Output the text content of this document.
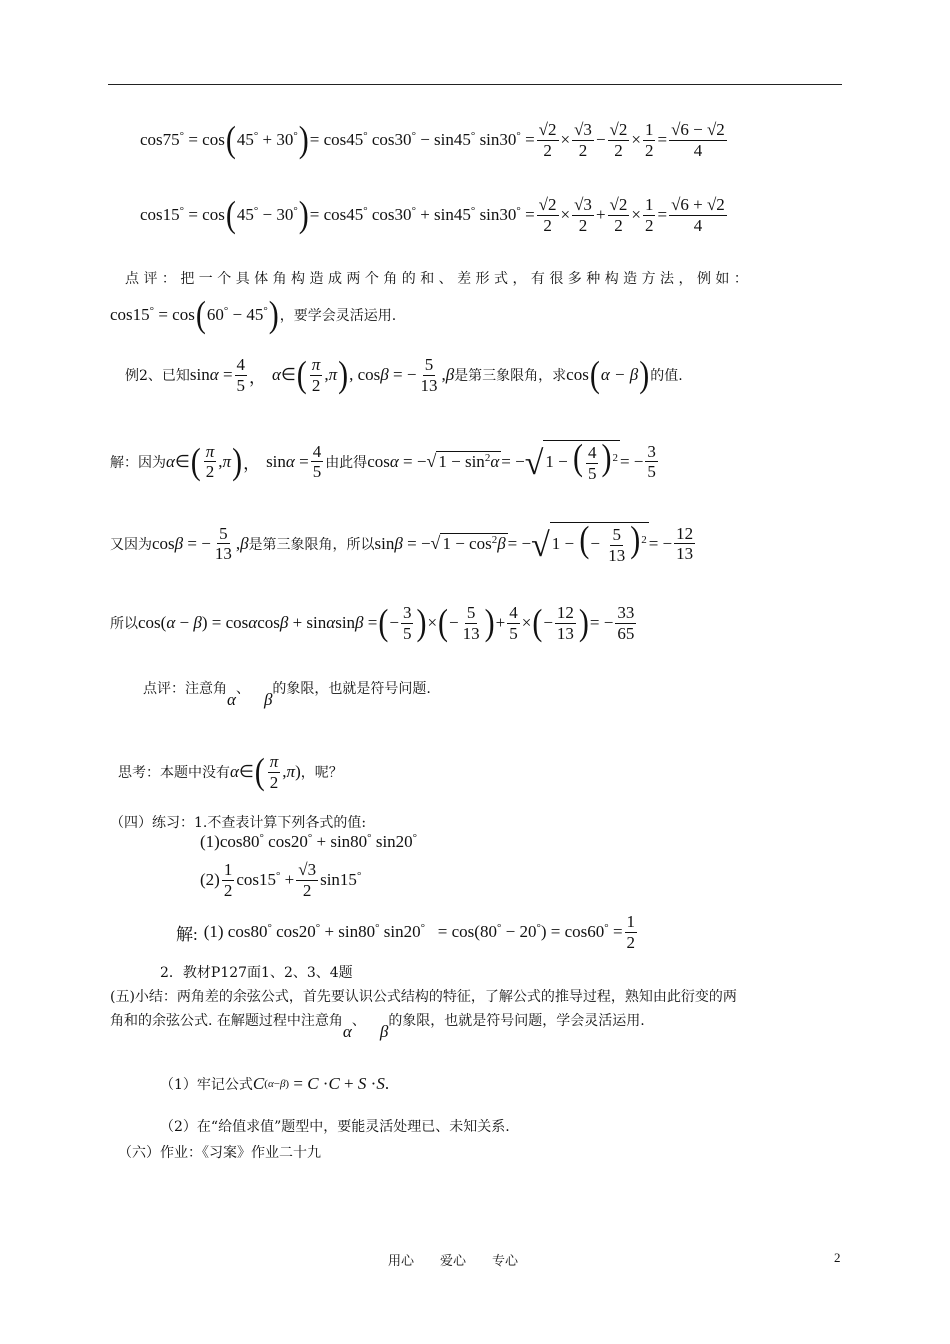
cos75° = cos ( 45° + 30° ) = cos45° cos30° − sin45° $\sin 30^\circ = \frac{√2}{2} \times \frac{√3}{2} - \frac{√2}{2} \times \frac{1}{2} = \frac{√6 - √2}{4}$
cos15° = cos ( 45° − 30° ) = cos45° cos30° + sin45° $\sin 30^\circ = \frac{√2}{2} \times \frac{√3}{2} + \frac{√2}{2} \times \frac{1}{2} = \frac{√6 + √2}{4}$
点 评 ： 把 一 个 具 体 角 构 造 成 两 个 角 的 和 、 差 形 式 ， 有 很 多 种 构 造 方 法 ， 例 如 ：
cos15° = cos ( 60° − 45° ) ，要学会灵活运用.
例2、已知 $\sin\alpha = \frac{4}{5}$ ， α ∈ ( $\frac{\pi}{2} ,\pi$ ) , cosβ = − $\frac{5}{13} ,\beta$ 是第三象限角，求 cos ( α − β ) 的值.
解：因为 α ∈ ( $\frac{\pi}{2} ,\pi$ ) ， $\sin\alpha = \frac{4}{5}$ 由此得 cosα = − √ $1 - \sin^2\alpha$ = − √ 1 − ( $\frac{4}{5} )^2$ = − $\frac{3}{5}$
又因为 cosβ = − $\frac{5}{13} ,\beta$ 是第三象限角，所以 sinβ = − √ $1 - \cos^2\beta$ = − √ 1 − (− $\frac{5}{13} )^2$ = − $\frac{12}{13}$
所以 cos(α − β) = cosαcosβ + sinαsinβ = ( − $\frac{3}{5}$ ) × ( − $\frac{5}{13}$ ) + $\frac{4}{5}$ × ( − $\frac{12}{13}$ ) = − $\frac{33}{65}$
点评：注意角
α
、
β
的象限，也就是符号问题.
思考：本题中没有 α ∈ ( $\frac{\pi}{2} ,\pi$) ，呢？
（四）练习：1.不查表计算下列各式的值:
(1) cos80° cos20° + sin80° sin20°
$(2) \frac{1}{2} \cos 15^\circ + \frac{√3}{2} \sin 15^\circ$
解: (1) cos80° cos20° + sin80° $\sin 20^\circ = \cos(80^\circ - 20^\circ) = \cos 60^\circ = \frac{1}{2}$
2．教材P127面1、2、3、4题
(五)小结：两角差的余弦公式，首先要认识公式结构的特征，了解公式的推导过程，熟知由此衍变的两
角和的余弦公式. 在解题过程中注意角
α
、
β
的象限，也就是符号问题，学会灵活运用.
（1）牢记公式 C (α−β) = C ·C + S ·S.
（2）在“给值求值”题型中，要能灵活处理已、未知关系.
（六）作业：《习案》作业二十九
用心　　爱心　　专心	2
